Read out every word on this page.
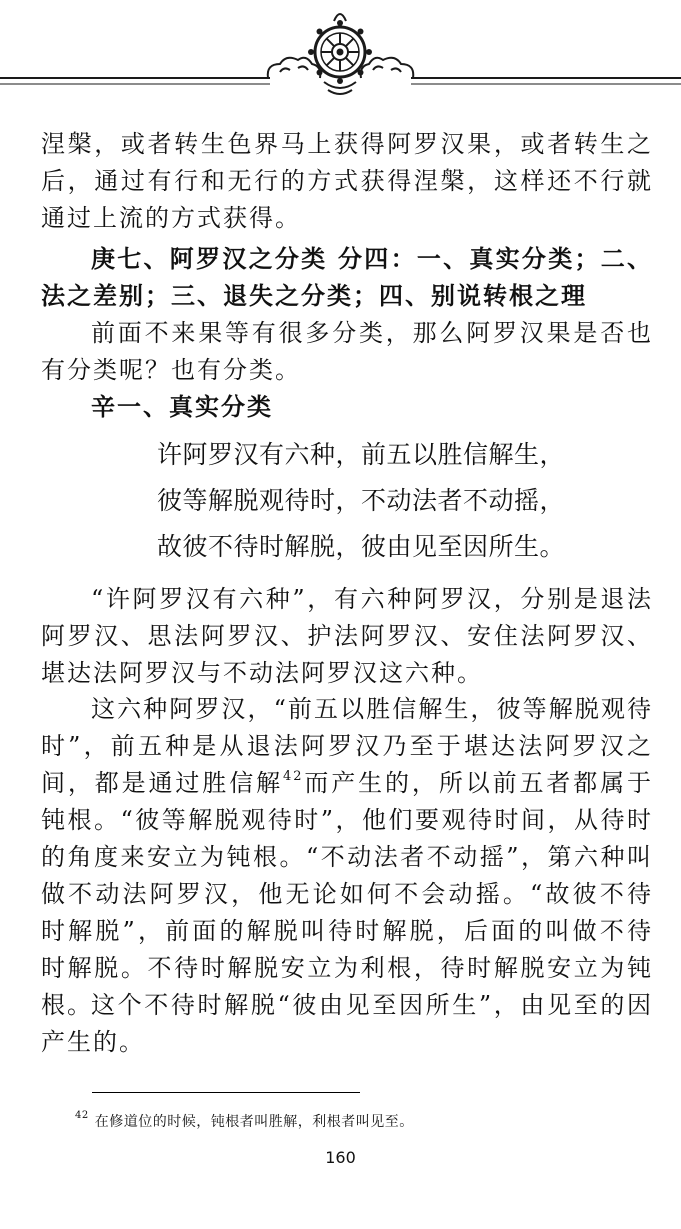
涅槃，或者转生色界马上获得阿罗汉果，或者转生之后，通过有行和无行的方式获得涅槃，这样还不行就通过上流的方式获得。

庚七、阿罗汉之分类 分四：一、真实分类；二、法之差别；三、退失之分类；四、别说转根之理

前面不来果等有很多分类，那么阿罗汉果是否也有分类呢？也有分类。

辛一、真实分类

许阿罗汉有六种，前五以胜信解生，

彼等解脱观待时，不动法者不动摇，

故彼不待时解脱，彼由见至因所生。

“许阿罗汉有六种”，有六种阿罗汉，分别是退法阿罗汉、思法阿罗汉、护法阿罗汉、安住法阿罗汉、堪达法阿罗汉与不动法阿罗汉这六种。

这六种阿罗汉，“前五以胜信解生，彼等解脱观待时”，前五种是从退法阿罗汉乃至于堪达法阿罗汉之间，都是通过胜信解$^{42}$而产生的，所以前五者都属于钝根。“彼等解脱观待时”，他们要观待时间，从待时的角度来安立为钝根。“不动法者不动摇”，第六种叫做不动法阿罗汉，他无论如何不会动摇。“故彼不待时解脱”，前面的解脱叫待时解脱，后面的叫做不待时解脱。不待时解脱安立为利根，待时解脱安立为钝根。

这个不待时解脱“彼由见至因所生”，由见至的因产生的。

$^{42}$ 在修道位的时候，钝根者叫胜解，利根者叫见至。

160
